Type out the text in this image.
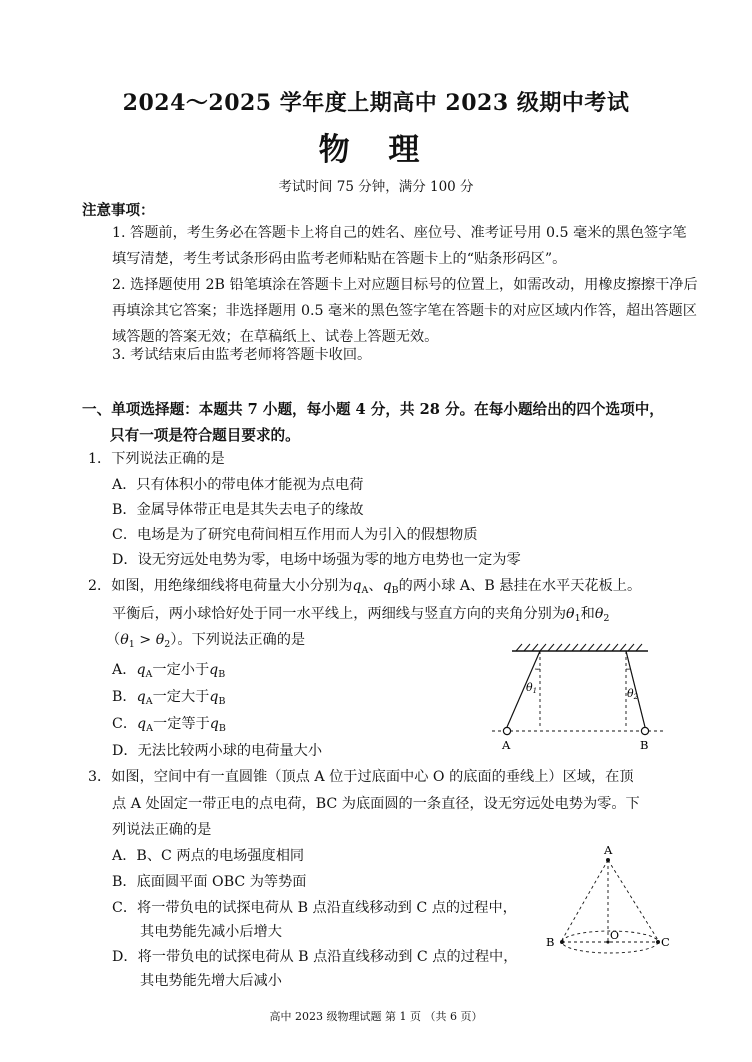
2024～2025 学年度上期高中 2023 级期中考试
物 理
考试时间 75 分钟，满分 100 分
注意事项：
1. 答题前，考生务必在答题卡上将自己的姓名、座位号、准考证号用 0.5 毫米的黑色签字笔填写清楚，考生考试条形码由监考老师粘贴在答题卡上的“贴条形码区”。
2. 选择题使用 2B 铅笔填涂在答题卡上对应题目标号的位置上，如需改动，用橡皮擦擦干净后再填涂其它答案；非选择题用 0.5 毫米的黑色签字笔在答题卡的对应区域内作答，超出答题区域答题的答案无效；在草稿纸上、试卷上答题无效。
3. 考试结束后由监考老师将答题卡收回。
一、单项选择题：本题共 7 小题，每小题 4 分，共 28 分。在每小题给出的四个选项中，
只有一项是符合题目要求的。
1．下列说法正确的是
A．只有体积小的带电体才能视为点电荷
B．金属导体带正电是其失去电子的缘故
C．电场是为了研究电荷间相互作用而人为引入的假想物质
D．设无穷远处电势为零，电场中场强为零的地方电势也一定为零
2．如图，用绝缘细线将电荷量大小分别为$q_A$、$q_B$的两小球 A、B 悬挂在水平天花板上。
平衡后，两小球恰好处于同一水平线上，两细线与竖直方向的夹角分别为$\theta_1$和$\theta_2$
$(\theta_1 > \theta_2)$。下列说法正确的是
A．$q_A$一定小于$q_B$
B．$q_A$一定大于$q_B$
C．$q_A$一定等于$q_B$
D．无法比较两小球的电荷量大小
θ1	θ2
A	B
3．如图，空间中有一直圆锥（顶点 A 位于过底面中心 O 的底面的垂线上）区域，在顶
点 A 处固定一带正电的点电荷，BC 为底面圆的一条直径，设无穷远处电势为零。下
列说法正确的是
A．B、C 两点的电场强度相同
B．底面圆平面 OBC 为等势面
C．将一带负电的试探电荷从 B 点沿直线移动到 C 点的过程中，
其电势能先减小后增大
D．将一带负电的试探电荷从 B 点沿直线移动到 C 点的过程中，
其电势能先增大后减小
A
B	C
O
高中 2023 级物理试题 第 1 页 （共 6 页）
